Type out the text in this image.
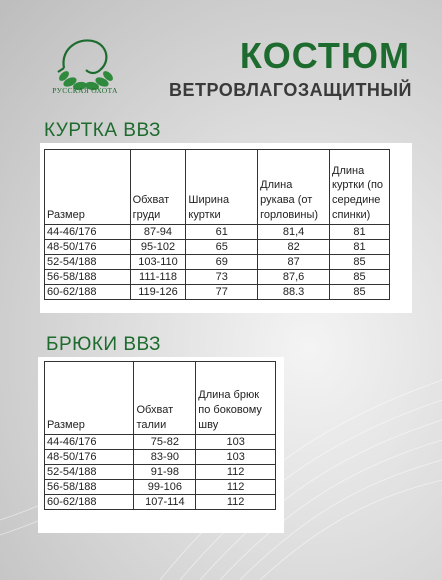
РУССКАЯ ОХОТА
КОСТЮМ
ВЕТРОВЛАГОЗАЩИТНЫЙ
КУРТКА ВВЗ
Размер	Обхват груди	Ширина куртки	Длина рукава (от горловины)	Длина куртки (по середине спинки)
44-46/176	87-94	61	81,4	81
48-50/176	95-102	65	82	81
52-54/188	103-110	69	87	85
56-58/188	111-118	73	87,6	85
60-62/188	119-126	77	88.3	85
БРЮКИ ВВЗ
Размер	Обхват талии	Длина брюк по боковому шву
44-46/176	75-82	103
48-50/176	83-90	103
52-54/188	91-98	112
56-58/188	99-106	112
60-62/188	107-114	112
